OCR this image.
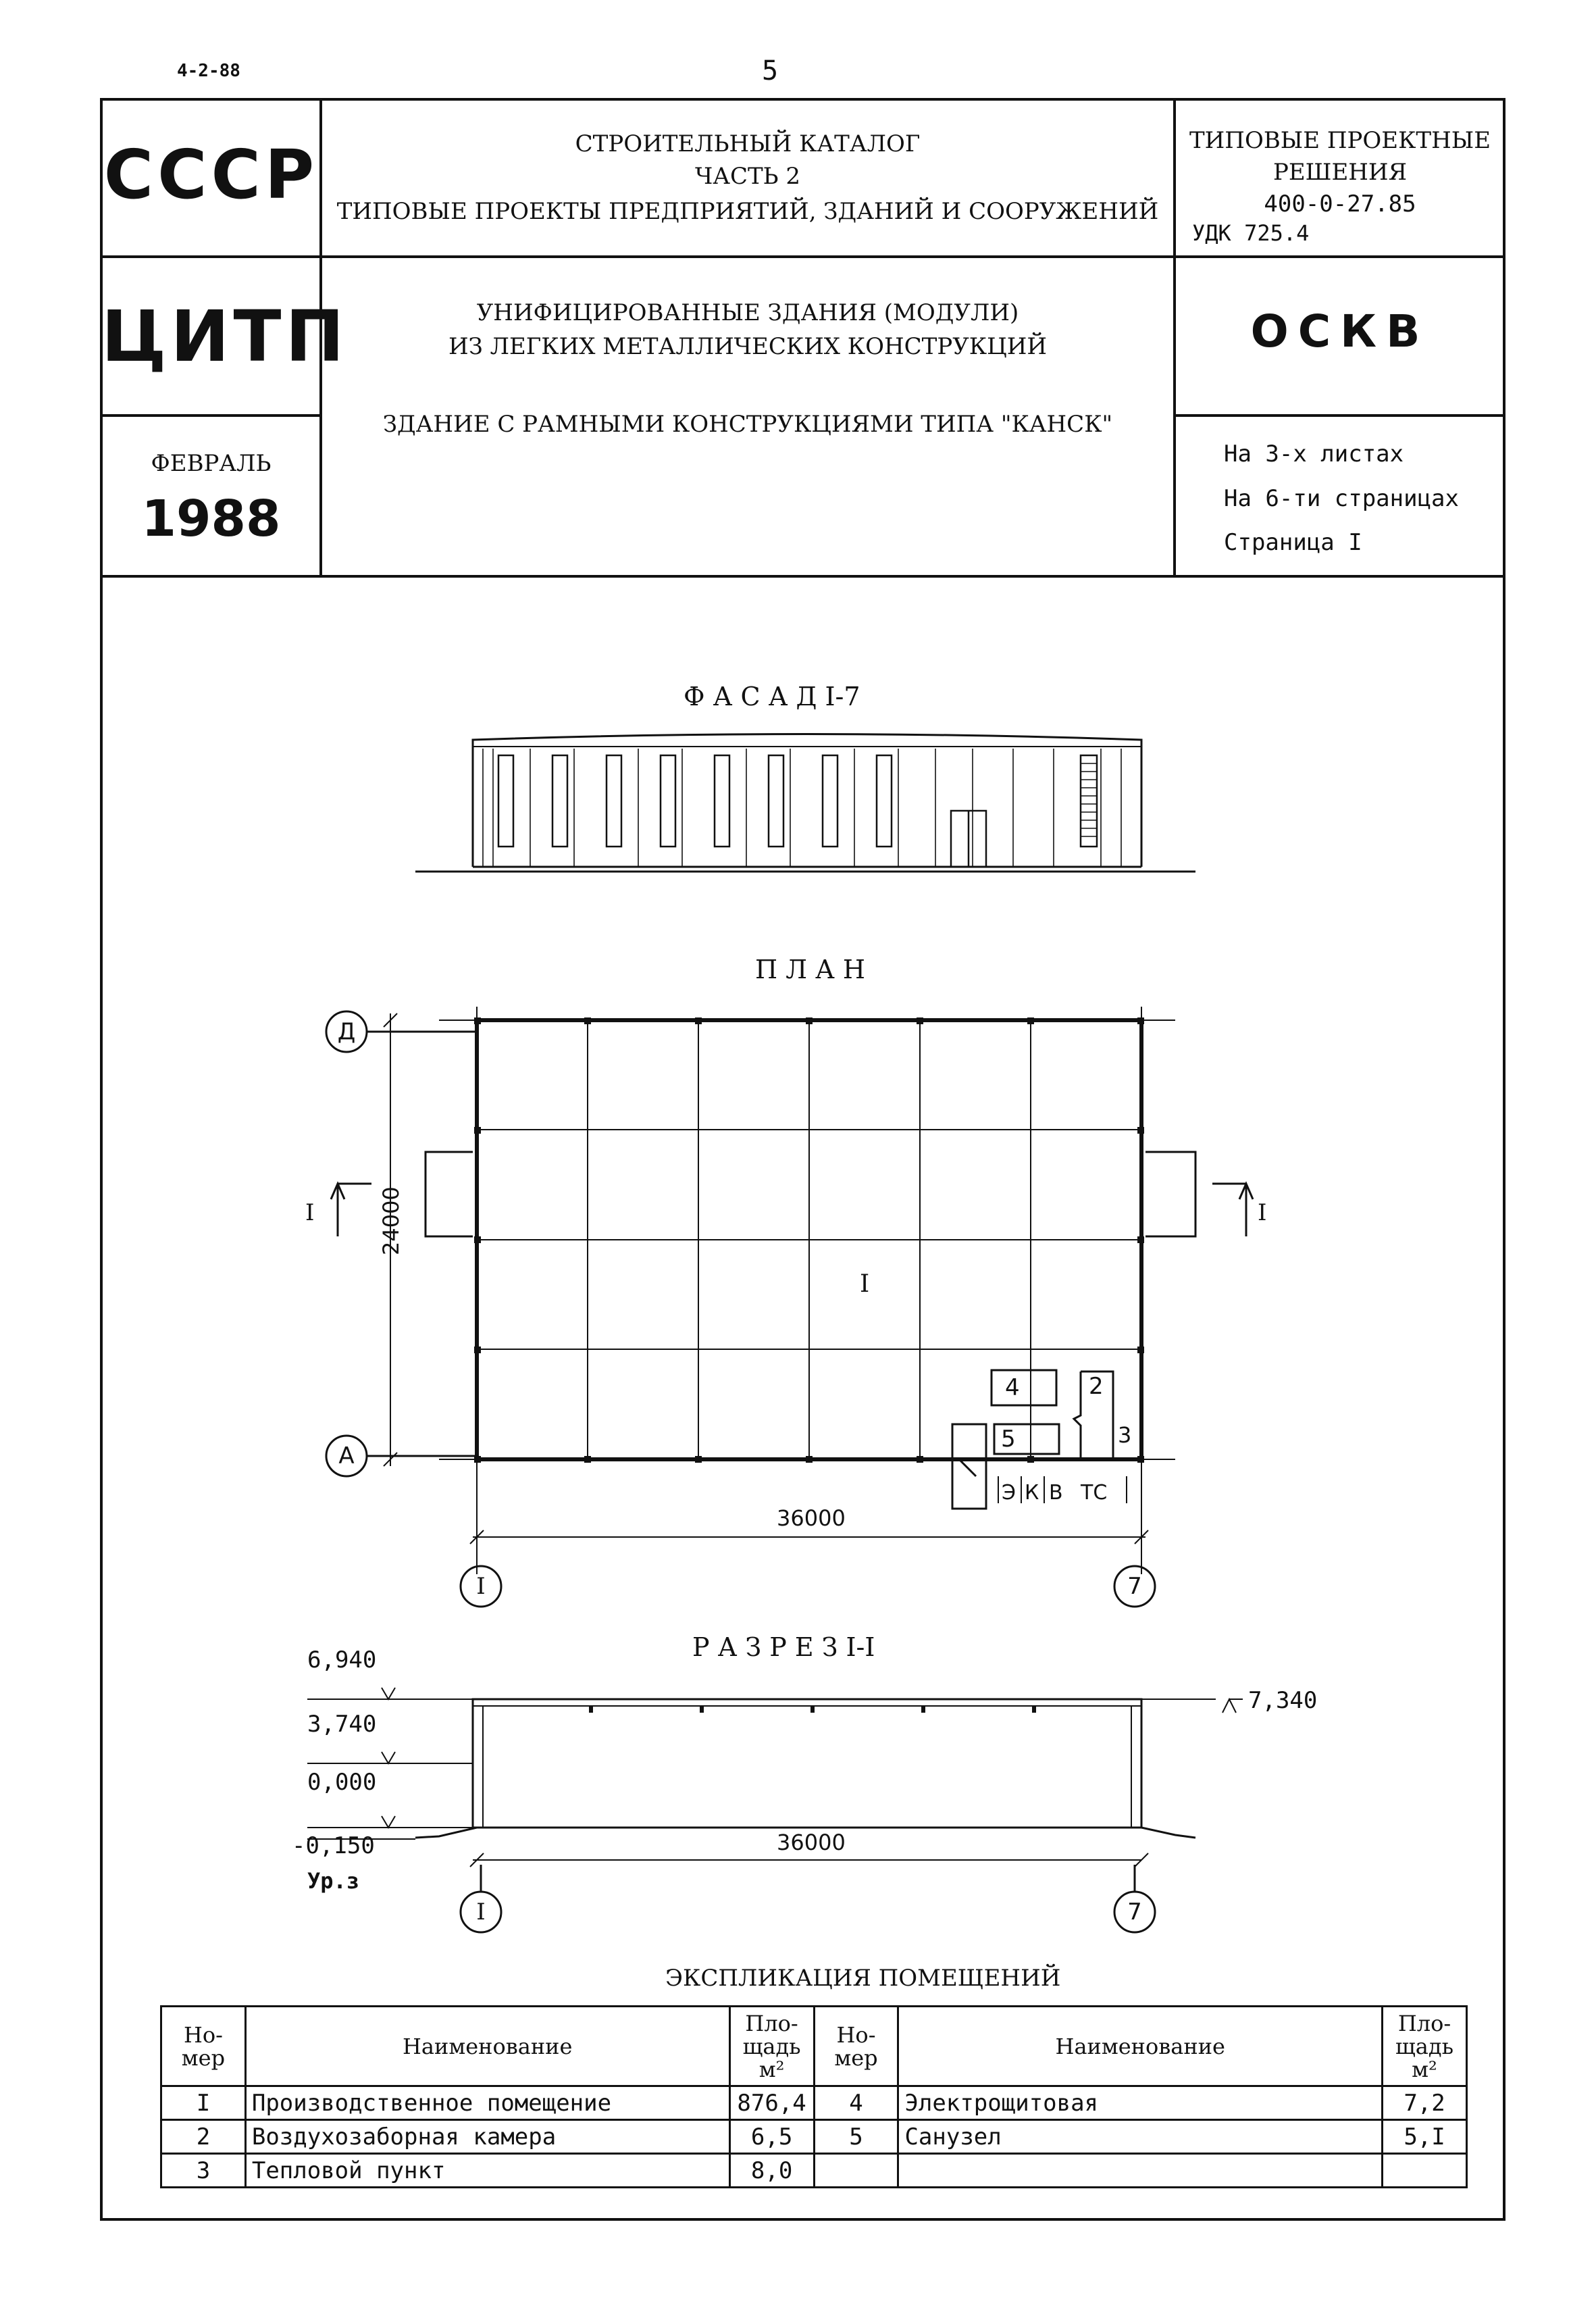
4-2-88	5
СССР
ЦИТП
ФЕВРАЛЬ
1988
СТРОИТЕЛЬНЫЙ КАТАЛОГ
ЧАСТЬ 2
ТИПОВЫЕ ПРОЕКТЫ ПРЕДПРИЯТИЙ, ЗДАНИЙ И СООРУЖЕНИЙ
УНИФИЦИРОВАННЫЕ ЗДАНИЯ (МОДУЛИ)
ИЗ ЛЕГКИХ МЕТАЛЛИЧЕСКИХ КОНСТРУКЦИЙ
ЗДАНИЕ С РАМНЫМИ КОНСТРУКЦИЯМИ ТИПА "КАНСК"
ТИПОВЫЕ ПРОЕКТНЫЕ
РЕШЕНИЯ
400-0-27.85
УДК 725.4
ОСКВ
На 3-х листах
На 6-ти страницах
Страница I
Ф А С А Д I-7
П Л А Н
Д
А
I	7
24000
36000
I	I
I
2
3
4
5
Э К В ТС
Р А З Р Е З I-I
6,940
3,740
0,000
-0,150
Ур.з
7,340
36000
I	7
ЭКСПЛИКАЦИЯ ПОМЕЩЕНИЙ
Но- мер	Наименование	Пло- щадь м²	Но- мер	Наименование	Пло- щадь м²
I	Производственное помещение	876,4	4	Электрощитовая	7,2
2	Воздухозаборная камера	6,5	5	Санузел	5,I
3	Тепловой пункт	8,0			
